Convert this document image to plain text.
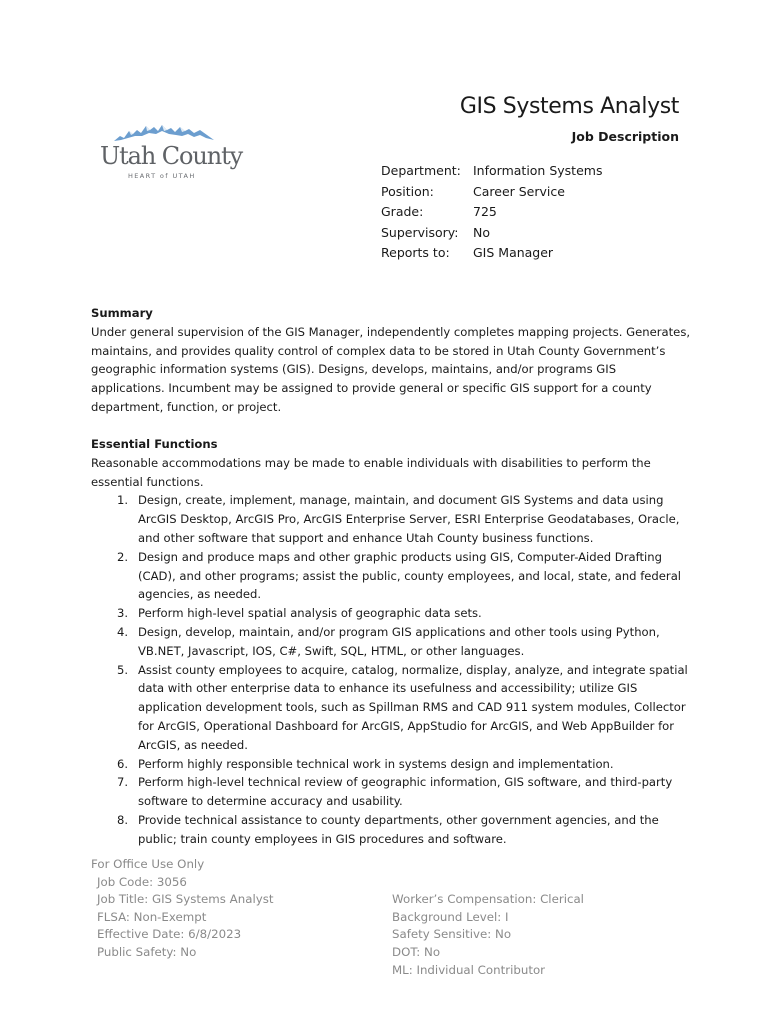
Utah County
HEART of UTAH
GIS Systems Analyst
Job Description
Department: Information Systems
Position:	Career Service
Grade:	725
Supervisory:	No
Reports to:	GIS Manager
Summary
Under general supervision of the GIS Manager, independently completes mapping projects. Generates, maintains, and provides quality control of complex data to be stored in Utah County Government’s geographic information systems (GIS). Designs, develops, maintains, and/or programs GIS applications. Incumbent may be assigned to provide general or specific GIS support for a county department, function, or project.
Essential Functions
Reasonable accommodations may be made to enable individuals with disabilities to perform the essential functions.
1. Design, create, implement, manage, maintain, and document GIS Systems and data using ArcGIS Desktop, ArcGIS Pro, ArcGIS Enterprise Server, ESRI Enterprise Geodatabases, Oracle, and other software that support and enhance Utah County business functions.
2. Design and produce maps and other graphic products using GIS, Computer-Aided Drafting (CAD), and other programs; assist the public, county employees, and local, state, and federal agencies, as needed.
3. Perform high-level spatial analysis of geographic data sets.
4. Design, develop, maintain, and/or program GIS applications and other tools using Python, VB.NET, Javascript, IOS, C#, Swift, SQL, HTML, or other languages.
5. Assist county employees to acquire, catalog, normalize, display, analyze, and integrate spatial data with other enterprise data to enhance its usefulness and accessibility; utilize GIS application development tools, such as Spillman RMS and CAD 911 system modules, Collector for ArcGIS, Operational Dashboard for ArcGIS, AppStudio for ArcGIS, and Web AppBuilder for ArcGIS, as needed.
6. Perform highly responsible technical work in systems design and implementation.
7. Perform high-level technical review of geographic information, GIS software, and third-party software to determine accuracy and usability.
8. Provide technical assistance to county departments, other government agencies, and the public; train county employees in GIS procedures and software.
For Office Use Only
Job Code: 3056
Job Title: GIS Systems Analyst
FLSA: Non-Exempt
Effective Date: 6/8/2023
Public Safety: No
Worker’s Compensation: Clerical
Background Level: I
Safety Sensitive: No
DOT: No
ML: Individual Contributor
